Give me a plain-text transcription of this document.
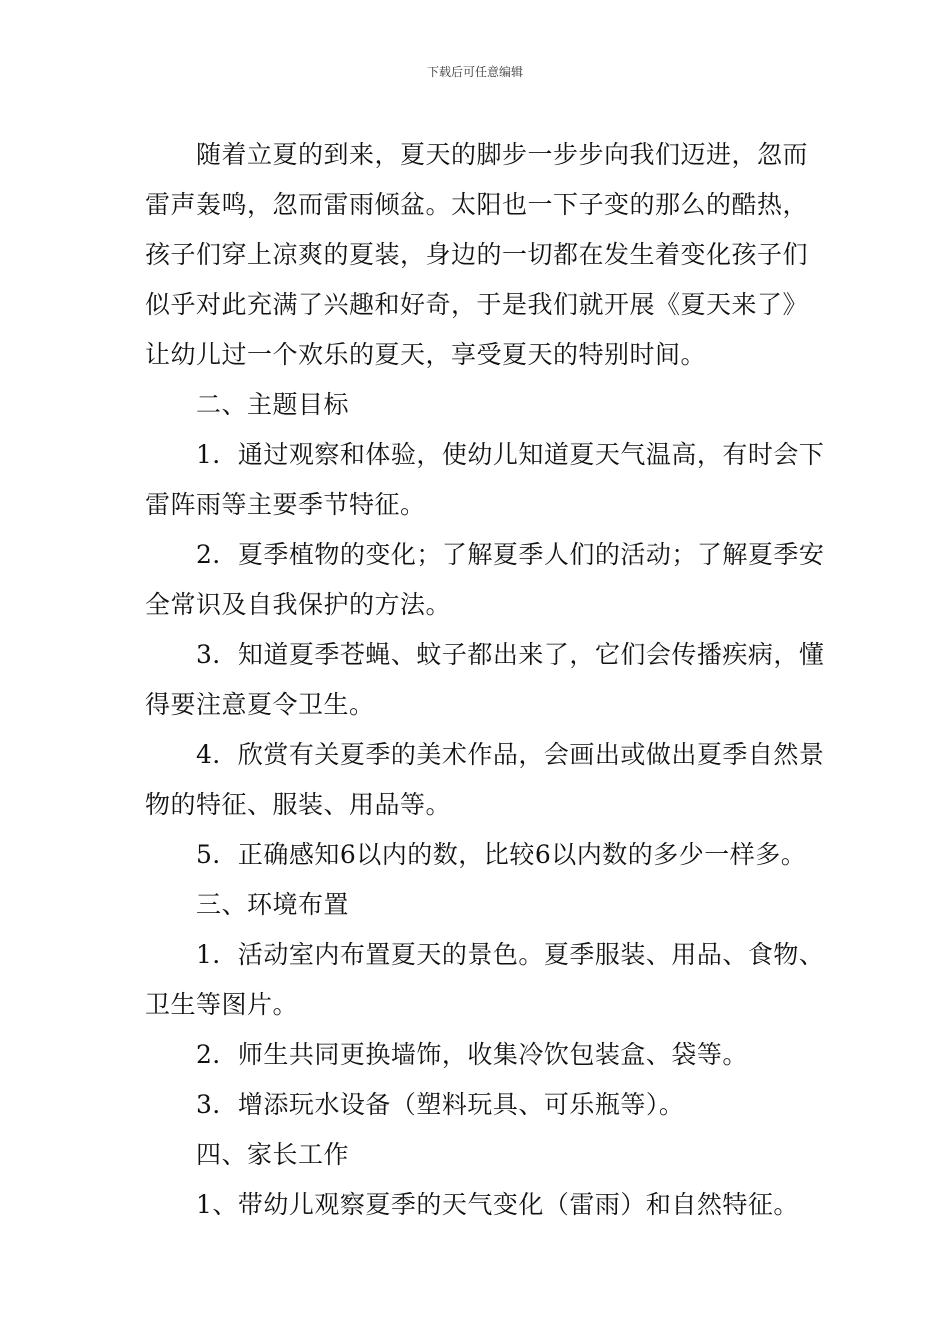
下载后可任意编辑

随着立夏的到来，夏天的脚步一步步向我们迈进，忽而雷声轰鸣，忽而雷雨倾盆。太阳也一下子变的那么的酷热，孩子们穿上凉爽的夏装，身边的一切都在发生着变化孩子们似乎对此充满了兴趣和好奇，于是我们就开展《夏天来了》让幼儿过一个欢乐的夏天，享受夏天的特别时间。

二、主题目标

1．通过观察和体验，使幼儿知道夏天气温高，有时会下雷阵雨等主要季节特征。

2．夏季植物的变化；了解夏季人们的活动；了解夏季安全常识及自我保护的方法。

3．知道夏季苍蝇、蚊子都出来了，它们会传播疾病，懂得要注意夏令卫生。

4．欣赏有关夏季的美术作品，会画出或做出夏季自然景物的特征、服装、用品等。

5．正确感知6以内的数，比较6以内数的多少一样多。

三、环境布置

1．活动室内布置夏天的景色。夏季服装、用品、食物、卫生等图片。

2．师生共同更换墙饰，收集冷饮包装盒、袋等。

3．增添玩水设备（塑料玩具、可乐瓶等）。

四、家长工作

1、带幼儿观察夏季的天气变化（雷雨）和自然特征。
